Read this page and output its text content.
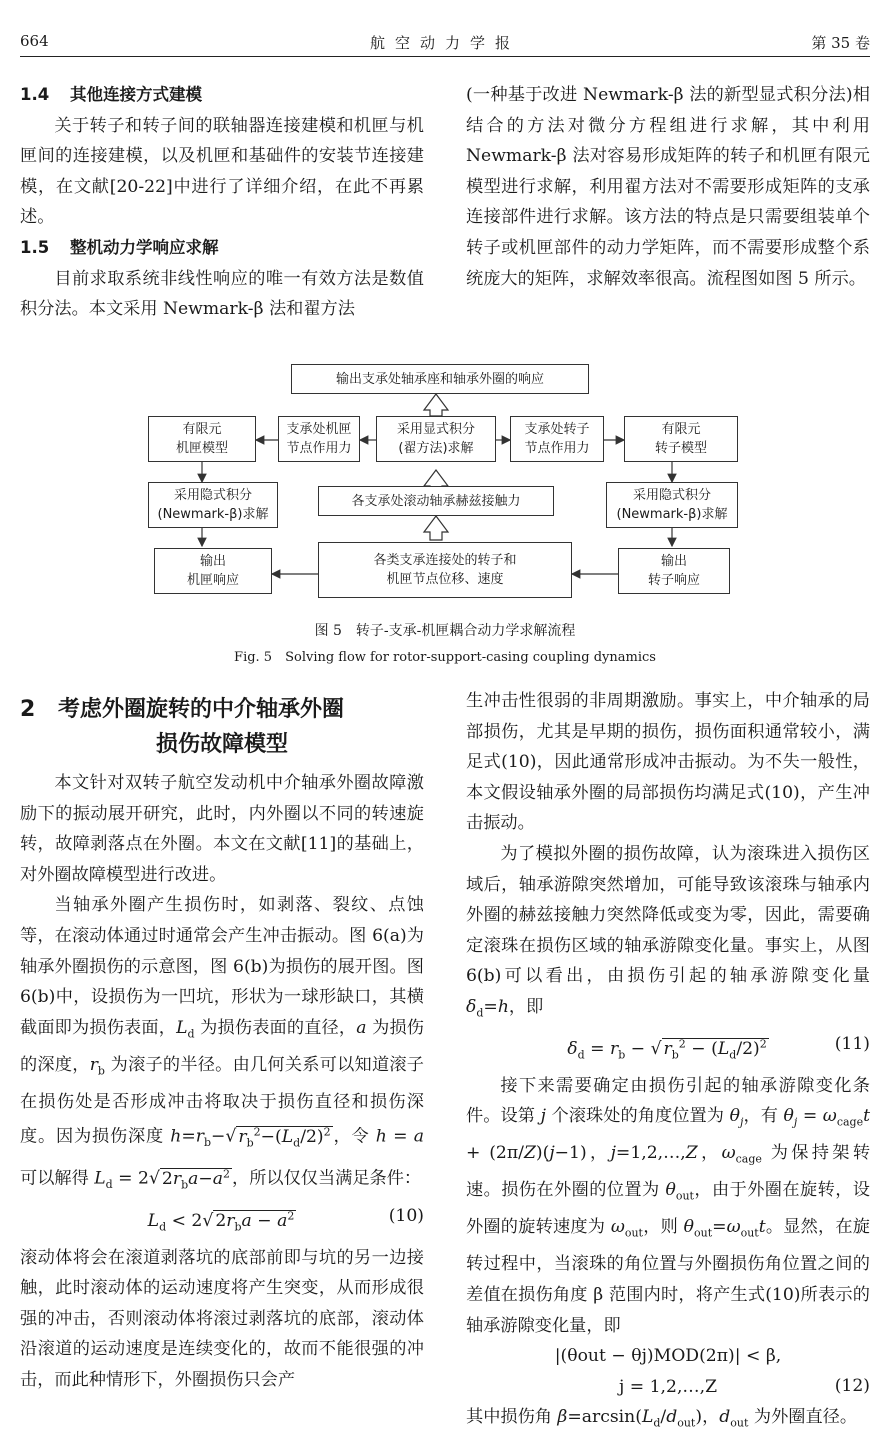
664	航空动力学报	第 35 卷
1.4 其他连接方式建模

关于转子和转子间的联轴器连接建模和机匣与机匣间的连接建模，以及机匣和基础件的安装节连接建模，在文献[20-22]中进行了详细介绍，在此不再累述。

1.5 整机动力学响应求解

目前求取系统非线性响应的唯一有效方法是数值积分法。本文采用 Newmark-β 法和翟方法

(一种基于改进 Newmark-β 法的新型显式积分法)相结合的方法对微分方程组进行求解，其中利用 Newmark-β 法对容易形成矩阵的转子和机匣有限元模型进行求解，利用翟方法对不需要形成矩阵的支承连接部件进行求解。该方法的特点是只需要组装单个转子或机匣部件的动力学矩阵，而不需要形成整个系统庞大的矩阵，求解效率很高。流程图如图 5 所示。

输出支承处轴承座和轴承外圈的响应
有限元
机匣模型
支承处机匣
节点作用力
采用显式积分
(翟方法)求解
支承处转子
节点作用力
有限元
转子模型
采用隐式积分
(Newmark-β)求解
各支承处滚动轴承赫兹接触力	采用隐式积分
(Newmark-β)求解
输出
机匣响应
各类支承连接处的转子和
机匣节点位移、速度
输出
转子响应
图 5　转子-支承-机匣耦合动力学求解流程
Fig. 5　Solving flow for rotor-support-casing coupling dynamics
2 考虑外圈旋转的中介轴承外圈
损伤故障模型

本文针对双转子航空发动机中介轴承外圈故障激励下的振动展开研究，此时，内外圈以不同的转速旋转，故障剥落点在外圈。本文在文献[11]的基础上，对外圈故障模型进行改进。

当轴承外圈产生损伤时，如剥落、裂纹、点蚀等，在滚动体通过时通常会产生冲击振动。图 6(a)为轴承外圈损伤的示意图，图 6(b)为损伤的展开图。图 6(b)中，设损伤为一凹坑，形状为一球形缺口，其横截面即为损伤表面，$L_d$ 为损伤表面的直径，a 为损伤的深度，$r_b$ 为滚子的半径。由几何关系可以知道滚子在损伤处是否形成冲击将取决于损伤直径和损伤深度。因为损伤深度 $h=r_b-√$ $r_b^2-(L_d/2)^2$ ，令 h = a 可以解得 $L_d = 2√$ $2r_ba-a^2$ ，所以仅仅当满足条件：

$L_d < 2√$ $2r_ba - a^2$	(10)

滚动体将会在滚道剥落坑的底部前即与坑的另一边接触，此时滚动体的运动速度将产生突变，从而形成很强的冲击，否则滚动体将滚过剥落坑的底部，滚动体沿滚道的运动速度是连续变化的，故而不能很强的冲击，而此种情形下，外圈损伤只会产

生冲击性很弱的非周期激励。事实上，中介轴承的局部损伤，尤其是早期的损伤，损伤面积通常较小，满足式(10)，因此通常形成冲击振动。为不失一般性，本文假设轴承外圈的局部损伤均满足式(10)，产生冲击振动。

为了模拟外圈的损伤故障，认为滚珠进入损伤区域后，轴承游隙突然增加，可能导致该滚珠与轴承内外圈的赫兹接触力突然降低或变为零，因此，需要确定滚珠在损伤区域的轴承游隙变化量。事实上，从图 6(b)可以看出，由损伤引起的轴承游隙变化量 $\delta_d=h$，即

$\delta_d = r_b$ − √ $r_b^2 - (L_d/2)^2$	(11)

接下来需要确定由损伤引起的轴承游隙变化条件。设第 j 个滚珠处的角度位置为 $\theta_j$，有 $\theta_j = \omega_{cage}t + (2\pi/Z)(j-1)$，j=1,2,…,Z，$\omega_{cage}$ 为保持架转速。损伤在外圈的位置为 $\theta_{out}$，由于外圈在旋转，设外圈的旋转速度为 $\omega_{out}$，则 $\theta_{out}=\omega_{out}t$。显然，在旋转过程中，当滚珠的角位置与外圈损伤角位置之间的差值在损伤角度 β 范围内时，将产生式(10)所表示的轴承游隙变化量，即

|(θout − θj)MOD(2π)| < β,
j = 1,2,…,Z	(12)

其中损伤角 $\beta=\arcsin(L_d/d_{out})$，$d_{out}$ 为外圈直径。
